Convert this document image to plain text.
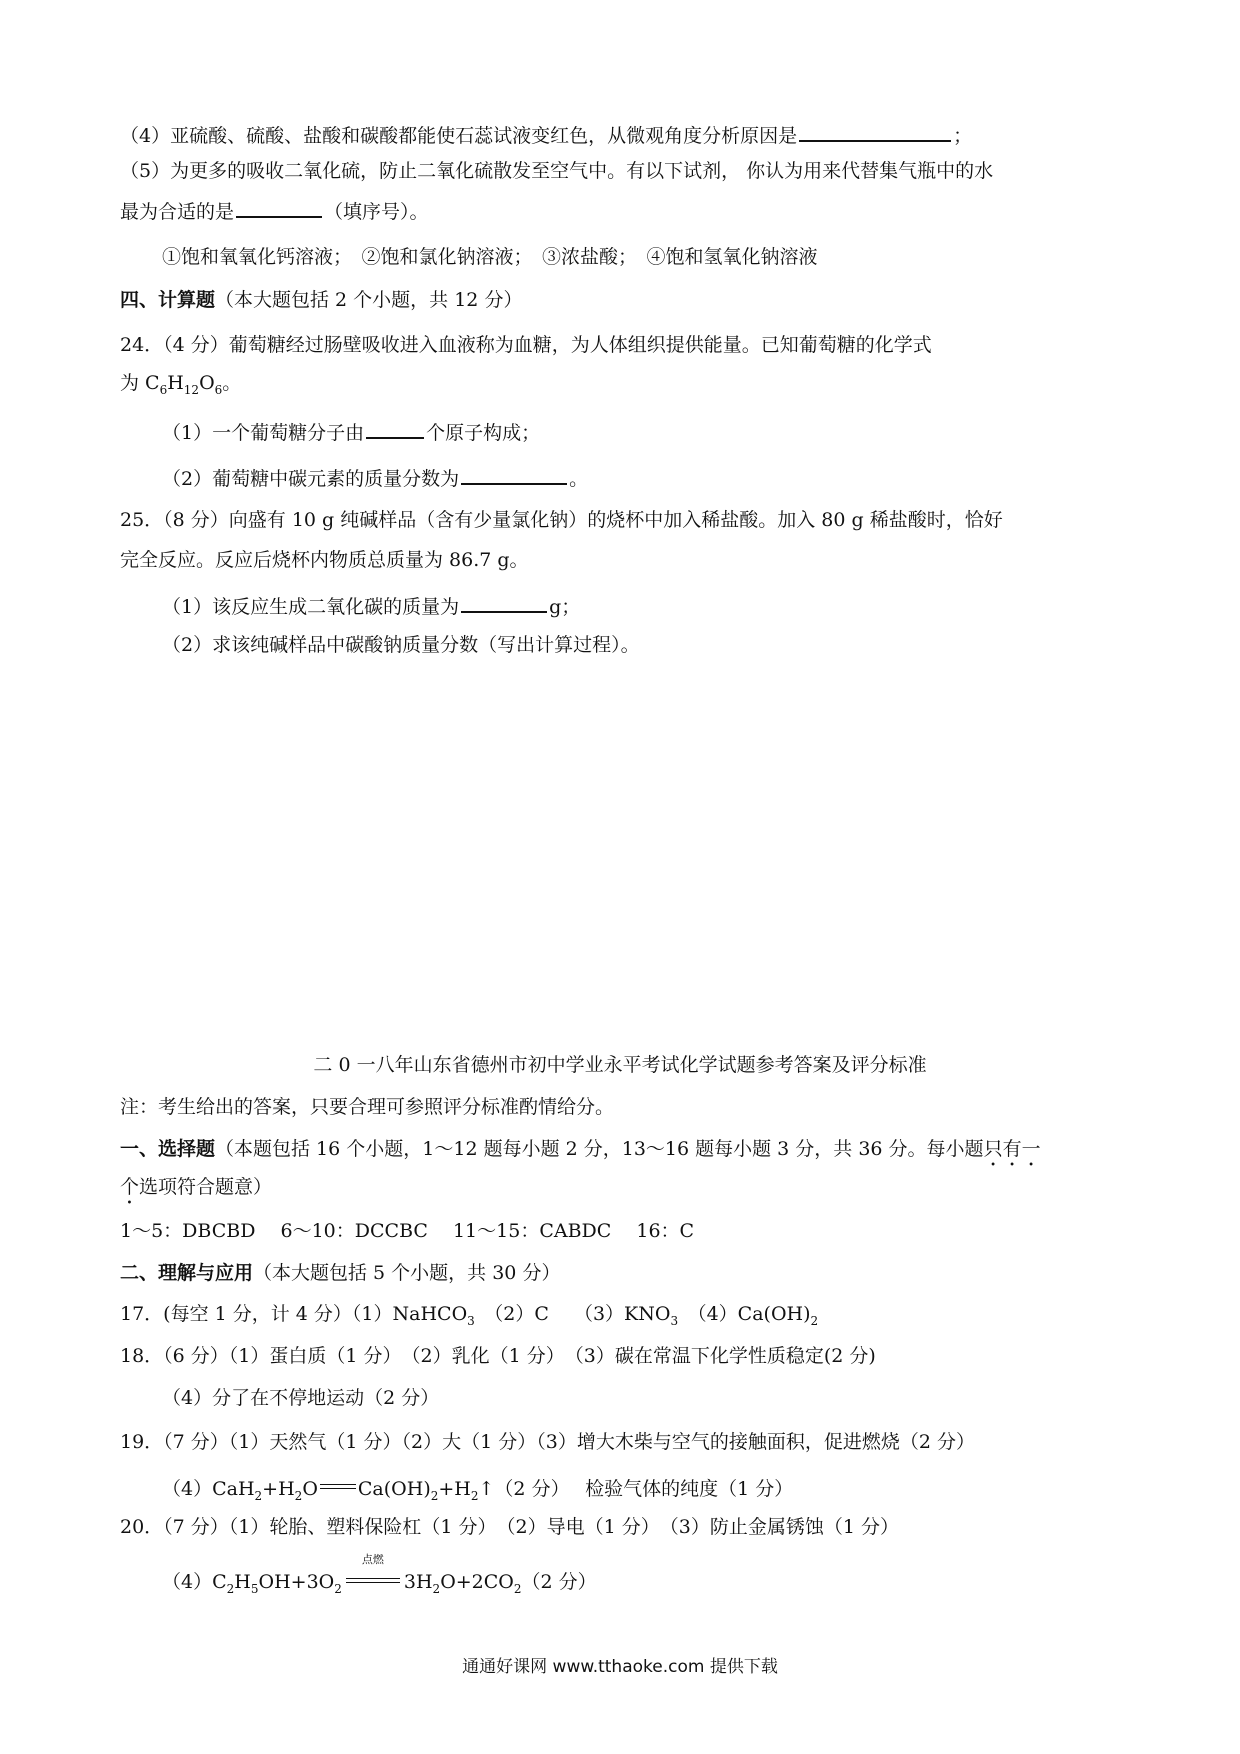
（4）亚硫酸、硫酸、盐酸和碳酸都能使石蕊试液变红色，从微观角度分析原因是	；
（5）为更多的吸收二氧化硫，防止二氧化硫散发至空气中。有以下试剂， 你认为用来代替集气瓶中的水
最为合适的是	（填序号）。
①饱和氧氧化钙溶液；　②饱和氯化钠溶液；　③浓盐酸；　④饱和氢氧化钠溶液
四、计算题（本大题包括 2 个小题，共 12 分）
24．（4 分）葡萄糖经过肠壁吸收进入血液称为血糖，为人体组织提供能量。已知葡萄糖的化学式
为 $C_6H_{12}O_6$。
（1）一个葡萄糖分子由	个原子构成；
（2）葡萄糖中碳元素的质量分数为	。
25．（8 分）向盛有 10 g 纯碱样品（含有少量氯化钠）的烧杯中加入稀盐酸。加入 80 g 稀盐酸时，恰好
完全反应。反应后烧杯内物质总质量为 86.7 g。
（1）该反应生成二氧化碳的质量为	g；
（2）求该纯碱样品中碳酸钠质量分数（写出计算过程）。
二 0 一八年山东省德州市初中学业永平考试化学试题参考答案及评分标准
注：考生给出的答案，只要合理可参照评分标准酌情给分。
一、选择题（本题包括 16 个小题，1～12 题每小题 2 分，13～16 题每小题 3 分，共 36 分。每小题只有一
个选项符合题意）
1～5：DBCBD　 6～10：DCCBC　 11～15：CABDC　 16：C
二、理解与应用（本大题包括 5 个小题，共 30 分）
17．(每空 1 分，计 4 分）（1）NaHCO$_3$　（2）C　 $(3)KNO_3$　$(4)Ca(OH)_2$
18．（6 分）（1）蛋白质（1 分）　（2）乳化（1 分）　（3）碳在常温下化学性质稳定(2 分)
（4）分了在不停地运动（2 分）
19．（7 分）（1）天然气（1 分）（2）大（1 分）（3）增大木柴与空气的接触面积，促进燃烧（2 分）
$(4)CaH_2+H_2O$ $Ca(OH)_2+H_2↑(2$ 分）　 检验气体的纯度（1 分）
20．（7 分）（1）轮胎、塑料保险杠（1 分）　（2）导电（1 分）　（3）防止金属锈蚀（1 分）
$(4)C_2H_5OH+3O_2$
点燃
$3H_2O+2CO_2(2$ 分）
通通好课网 www.tthaoke.com 提供下载
